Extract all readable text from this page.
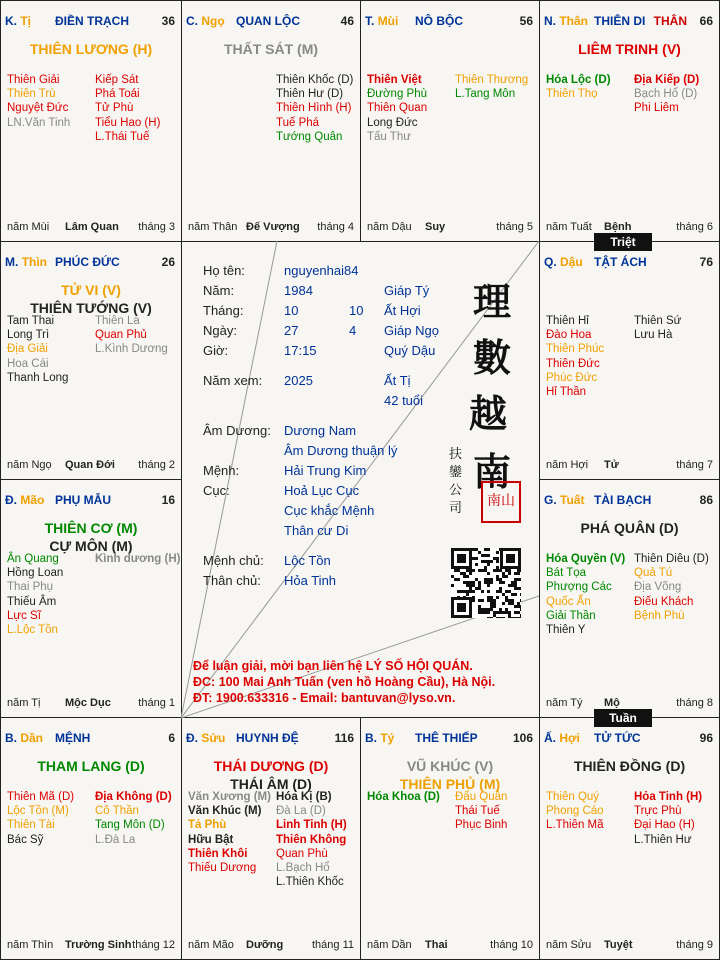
K. Tị ĐIỀN TRẠCH	36
THIÊN LƯƠNG (H)
Thiên Giải
Thiên Trù
Nguyệt Đức
LN.Văn Tinh
Kiếp Sát
Phá Toái
Tử Phù
Tiểu Hao (H)
L.Thái Tuế
năm Mùi Lâm Quan tháng 3
C. Ngọ QUAN LỘC	46
THẤT SÁT (M)
Thiên Khốc (D)
Thiên Hư (D)
Thiên Hình (H)
Tuế Phá
Tướng Quân
năm Thân Đế Vượng tháng 4
T. Mùi NÔ BỘC	56
Thiên Việt
Đường Phù
Thiên Quan
Long Đức
Tấu Thư
Thiên Thương
L.Tang Môn
năm Dậu Suy	tháng 5
N. Thân THIÊN DI THÂN 66
LIÊM TRINH (V)
Hóa Lộc (D)
Thiên Thọ
Địa Kiếp (D)
Bạch Hổ (D)
Phi Liêm
năm Tuất Bệnh	tháng 6
M. Thìn PHÚC ĐỨC	26
TỬ VI (V)
THIÊN TƯỚNG (V)
Tam Thai
Long Trì
Địa Giải
Hoa Cái
Thanh Long
Thiên La
Quan Phủ
L.Kình Dương
năm Ngọ Quan Đới tháng 2
Q. Dậu TẬT ÁCH	76
Thiên Hỉ
Đào Hoa
Thiên Phúc
Thiên Đức
Phúc Đức
Hỉ Thần
Thiên Sứ
Lưu Hà
năm Hợi Tử	tháng 7
Đ. Mão PHỤ MẪU	16
THIÊN CƠ (M)
CỰ MÔN (M)
Ân Quang
Hồng Loan
Thai Phụ
Thiếu Âm
Lực Sĩ
L.Lộc Tồn
Kình dương (H)
năm Tị Mộc Dục tháng 1
G. Tuất TÀI BẠCH	86
PHÁ QUÂN (D)
Hóa Quyền (V)
Bát Tọa
Phượng Các
Quốc Ấn
Giải Thần
Thiên Y
Thiên Diêu (D)
Quả Tú
Địa Võng
Điếu Khách
Bệnh Phù
năm Tý Mộ	tháng 8
B. Dần MỆNH	6
THAM LANG (D)
Thiên Mã (D)
Lộc Tồn (M)
Thiên Tài
Bác Sỹ
Địa Không (D)
Cô Thần
Tang Môn (D)
L.Đà La
năm Thìn Trường Sinh tháng 12
Đ. Sửu HUYNH ĐỆ	116
THÁI DƯƠNG (D)
THÁI ÂM (D)
Văn Xương (M)
Văn Khúc (M)
Tả Phù
Hữu Bật
Thiên Khôi
Thiếu Dương
Hóa Kị (B)
Đà La (D)
Linh Tinh (H)
Thiên Không
Quan Phù
L.Bạch Hổ
L.Thiên Khốc
năm Mão Dưỡng	tháng 11
B. Tý THÊ THIẾP	106
VŨ KHÚC (V)
THIÊN PHỦ (M)
Hóa Khoa (D) Đẩu Quân
Thái Tuế
Phục Binh
năm Dần Thai	tháng 10
Ấ. Hợi TỬ TỨC	96
THIÊN ĐỒNG (D)
Thiên Quý
Phong Cáo
L.Thiên Mã
Hỏa Tinh (H)
Trực Phù
Đại Hao (H)
L.Thiên Hư
năm Sửu Tuyệt	tháng 9
Họ tên:	nguyenhai84
Năm:	1984	Giáp Tý
Tháng:	10	10 Ất Hợi
Ngày:	27	4 Giáp Ngọ
Giờ:	17:15	Quý Dậu
Năm xem: 2025	Ất Tị
42 tuổi
Âm Dương: Dương Nam
Âm Dương thuận lý
Mệnh:	Hải Trung Kim
Cục:	Hoả Lục Cục
Cục khắc Mệnh
Thân cư Di
Mệnh chủ: Lộc Tồn
Thân chủ: Hỏa Tinh
理
數
越
南
扶 鑾 公 司	南山
Để luận giải, mời bạn liên hệ LÝ SỐ HỘI QUÁN.
ĐC: 100 Mai Anh Tuấn (ven hồ Hoàng Cầu), Hà Nội.
ĐT: 1900.633316 - Email: bantuvan@lyso.vn.
Triệt
Tuần
